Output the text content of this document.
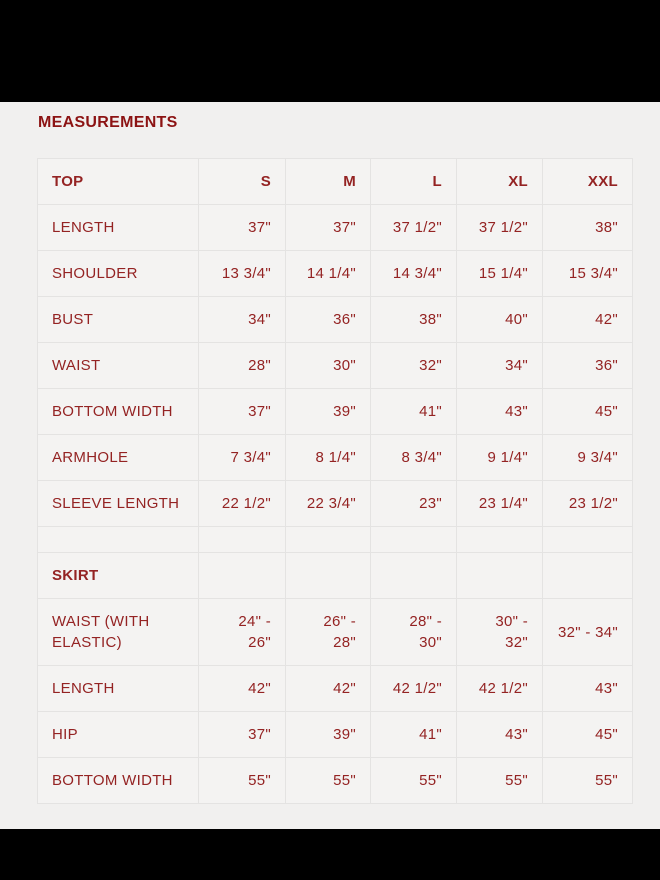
MEASUREMENTS
TOP	S	M	L	XL	XXL
LENGTH	37"	37"	37 1/2"	37 1/2"	38"
SHOULDER	13 3/4"	14 1/4"	14 3/4"	15 1/4"	15 3/4"
BUST	34"	36"	38"	40"	42"
WAIST	28"	30"	32"	34"	36"
BOTTOM WIDTH	37"	39"	41"	43"	45"
ARMHOLE	7 3/4"	8 1/4"	8 3/4"	9 1/4"	9 3/4"
SLEEVE LENGTH	22 1/2"	22 3/4"	23"	23 1/4"	23 1/2"

SKIRT					
WAIST (WITH ELASTIC)	24" - 26"	26" - 28"	28" - 30"	30" - 32"	32" - 34"
LENGTH	42"	42"	42 1/2"	42 1/2"	43"
HIP	37"	39"	41"	43"	45"
BOTTOM WIDTH	55"	55"	55"	55"	55"
